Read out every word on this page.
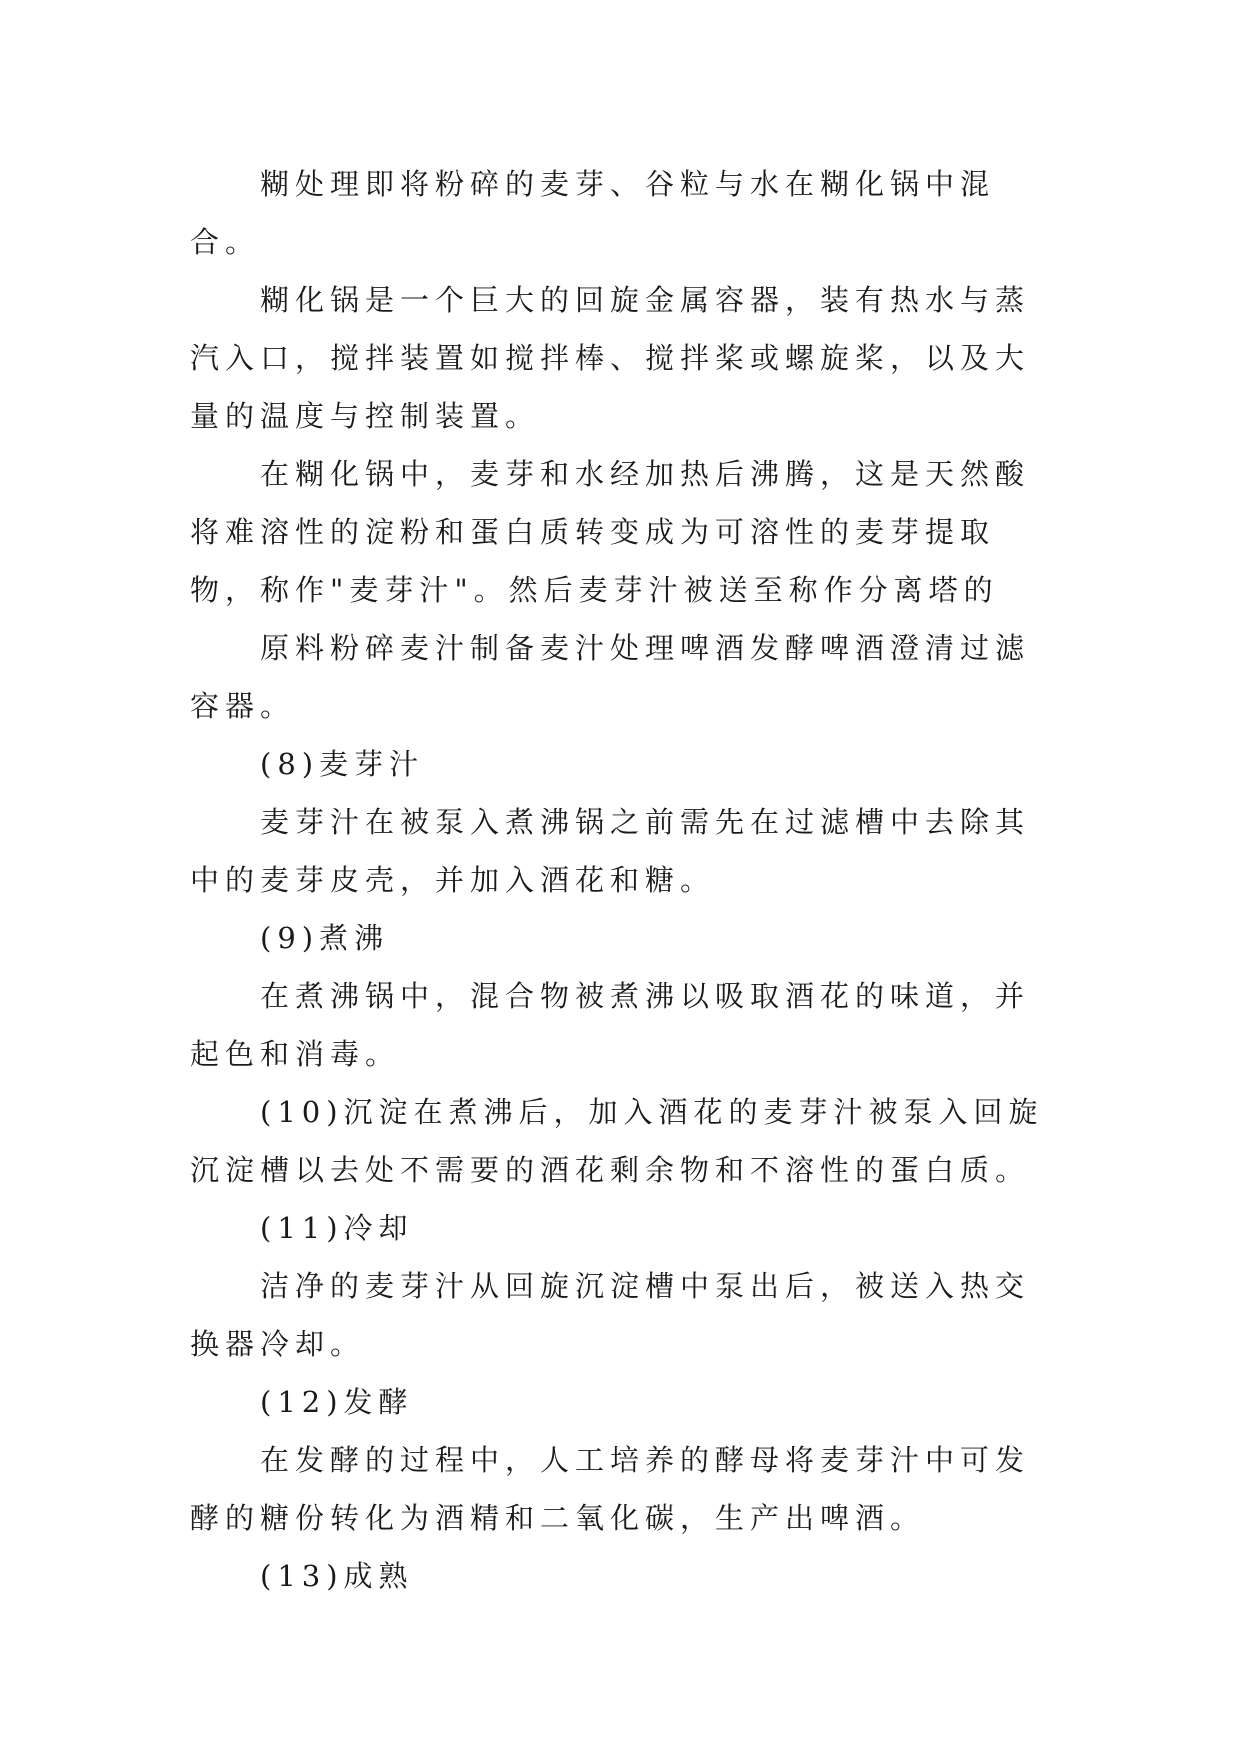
糊处理即将粉碎的麦芽、谷粒与水在糊化锅中混合。

糊化锅是一个巨大的回旋金属容器，装有热水与蒸汽入口，搅拌装置如搅拌棒、搅拌桨或螺旋桨，以及大量的温度与控制装置。

在糊化锅中，麦芽和水经加热后沸腾，这是天然酸将难溶性的淀粉和蛋白质转变成为可溶性的麦芽提取物，称作"麦芽汁"。然后麦芽汁被送至称作分离塔的

原料粉碎麦汁制备麦汁处理啤酒发酵啤酒澄清过滤容器。

(8)麦芽汁

麦芽汁在被泵入煮沸锅之前需先在过滤槽中去除其中的麦芽皮壳，并加入酒花和糖。

(9)煮沸

在煮沸锅中，混合物被煮沸以吸取酒花的味道，并起色和消毒。

(10)沉淀在煮沸后，加入酒花的麦芽汁被泵入回旋沉淀槽以去处不需要的酒花剩余物和不溶性的蛋白质。

(11)冷却

洁净的麦芽汁从回旋沉淀槽中泵出后，被送入热交换器冷却。

(12)发酵

在发酵的过程中，人工培养的酵母将麦芽汁中可发酵的糖份转化为酒精和二氧化碳，生产出啤酒。

(13)成熟
